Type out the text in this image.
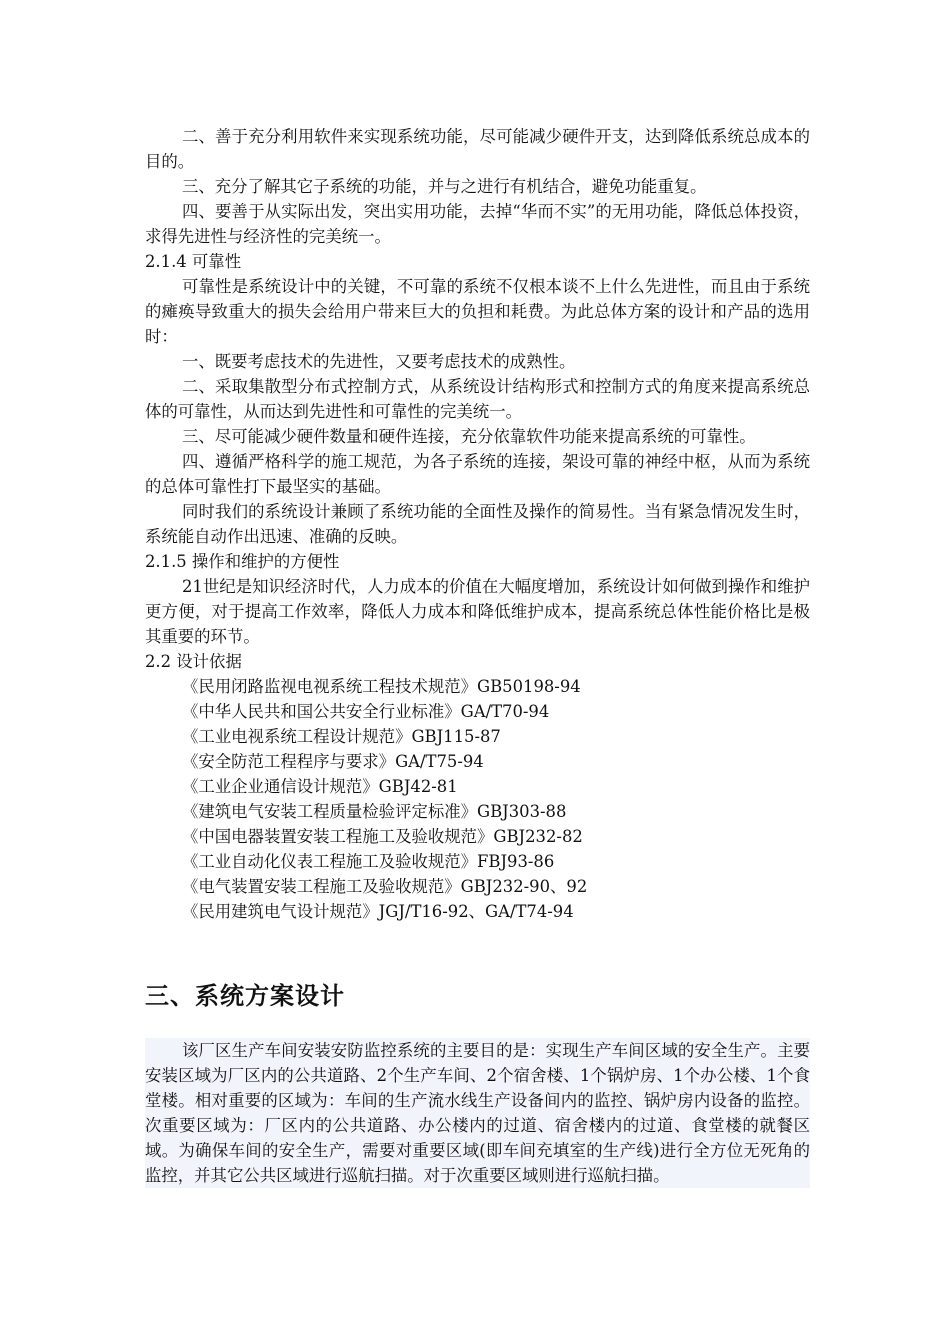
二、善于充分利用软件来实现系统功能，尽可能减少硬件开支，达到降低系统总成本的目的。

三、充分了解其它子系统的功能，并与之进行有机结合，避免功能重复。

四、要善于从实际出发，突出实用功能，去掉“华而不实”的无用功能，降低总体投资，求得先进性与经济性的完美统一。

2.1.4 可靠性

可靠性是系统设计中的关键，不可靠的系统不仅根本谈不上什么先进性，而且由于系统的瘫痪导致重大的损失会给用户带来巨大的负担和耗费。为此总体方案的设计和产品的选用时：

一、既要考虑技术的先进性，又要考虑技术的成熟性。

二、采取集散型分布式控制方式，从系统设计结构形式和控制方式的角度来提高系统总体的可靠性，从而达到先进性和可靠性的完美统一。

三、尽可能减少硬件数量和硬件连接，充分依靠软件功能来提高系统的可靠性。

四、遵循严格科学的施工规范，为各子系统的连接，架设可靠的神经中枢，从而为系统的总体可靠性打下最坚实的基础。

同时我们的系统设计兼顾了系统功能的全面性及操作的简易性。当有紧急情况发生时，系统能自动作出迅速、准确的反映。

2.1.5 操作和维护的方便性

21世纪是知识经济时代，人力成本的价值在大幅度增加，系统设计如何做到操作和维护更方便，对于提高工作效率，降低人力成本和降低维护成本，提高系统总体性能价格比是极其重要的环节。

2.2 设计依据

《民用闭路监视电视系统工程技术规范》GB50198-94

《中华人民共和国公共安全行业标准》GA/T70-94

《工业电视系统工程设计规范》GBJ115-87

《安全防范工程程序与要求》GA/T75-94

《工业企业通信设计规范》GBJ42-81

《建筑电气安装工程质量检验评定标准》GBJ303-88

《中国电器装置安装工程施工及验收规范》GBJ232-82

《工业自动化仪表工程施工及验收规范》FBJ93-86

《电气装置安装工程施工及验收规范》GBJ232-90、92

《民用建筑电气设计规范》JGJ/T16-92、GA/T74-94

三、系统方案设计

该厂区生产车间安装安防监控系统的主要目的是：实现生产车间区域的安全生产。主要安装区域为厂区内的公共道路、2个生产车间、2个宿舍楼、1个锅炉房、1个办公楼、1个食堂楼。相对重要的区域为：车间的生产流水线生产设备间内的监控、锅炉房内设备的监控。次重要区域为：厂区内的公共道路、办公楼内的过道、宿舍楼内的过道、食堂楼的就餐区域。为确保车间的安全生产，需要对重要区域(即车间充填室的生产线)进行全方位无死角的监控，并其它公共区域进行巡航扫描。对于次重要区域则进行巡航扫描。
